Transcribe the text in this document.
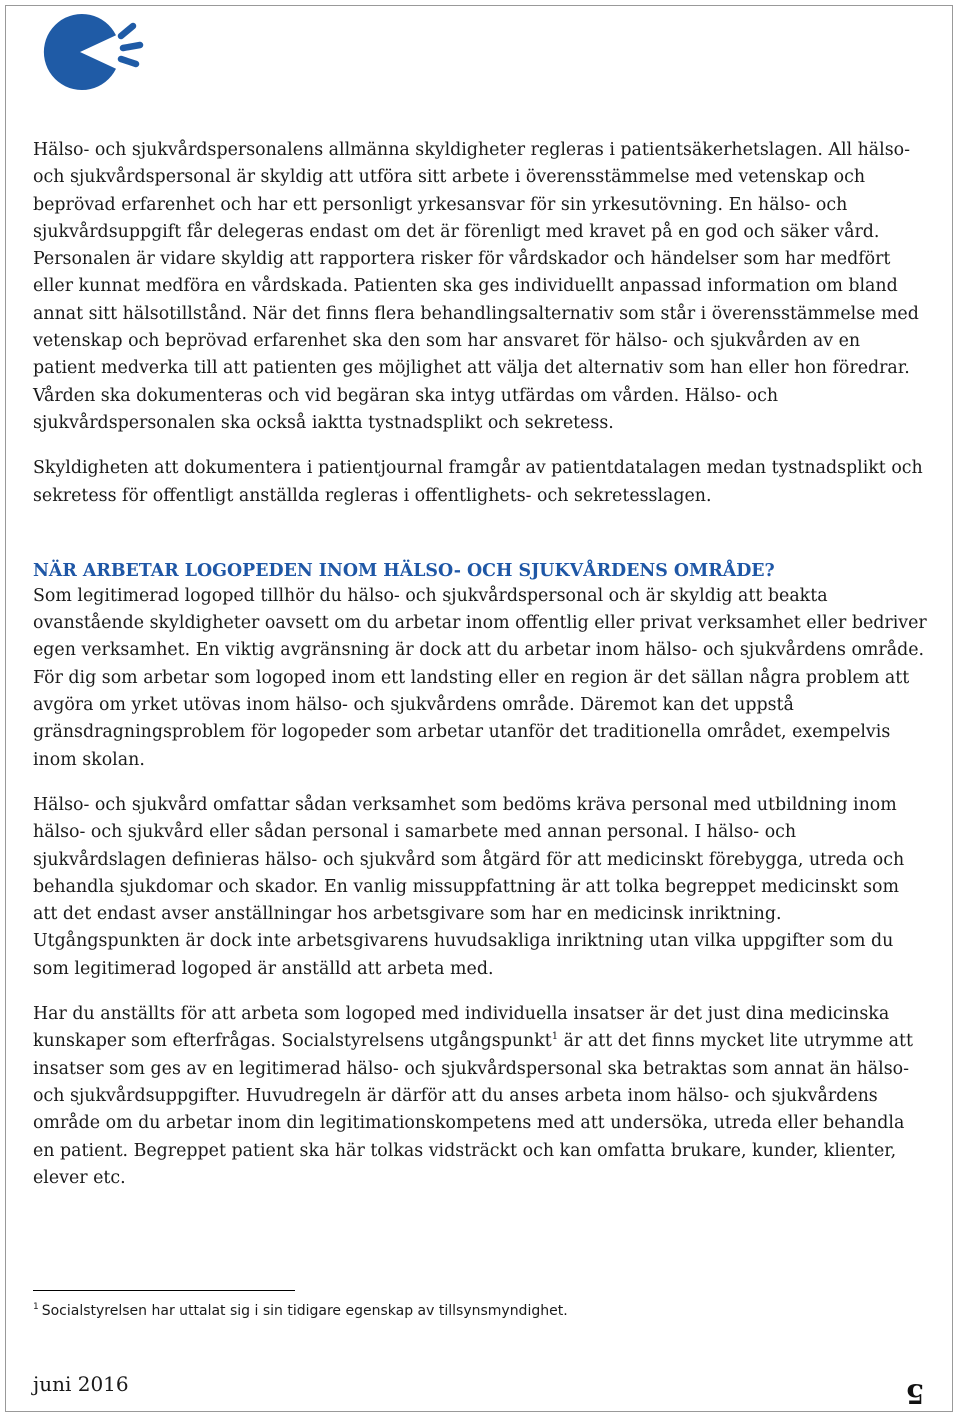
Hälso- och sjukvårdspersonalens allmänna skyldigheter regleras i patientsäkerhetslagen. All hälso- och sjukvårdspersonal är skyldig att utföra sitt arbete i överensstämmelse med vetenskap och beprövad erfarenhet och har ett personligt yrkesansvar för sin yrkesutövning. En hälso- och sjukvårdsuppgift får delegeras endast om det är förenligt med kravet på en god och säker vård. Personalen är vidare skyldig att rapportera risker för vårdskador och händelser som har medfört eller kunnat medföra en vårdskada. Patienten ska ges individuellt anpassad information om bland annat sitt hälsotillstånd. När det finns flera behandlingsalternativ som står i överensstämmelse med vetenskap och beprövad erfarenhet ska den som har ansvaret för hälso- och sjukvården av en patient medverka till att patienten ges möjlighet att välja det alternativ som han eller hon föredrar. Vården ska dokumenteras och vid begäran ska intyg utfärdas om vården. Hälso- och sjukvårdspersonalen ska också iaktta tystnadsplikt och sekretess.

Skyldigheten att dokumentera i patientjournal framgår av patientdatalagen medan tystnadsplikt och sekretess för offentligt anställda regleras i offentlighets- och sekretesslagen.

NÄR ARBETAR LOGOPEDEN INOM HÄLSO- OCH SJUKVÅRDENS OMRÅDE?

Som legitimerad logoped tillhör du hälso- och sjukvårdspersonal och är skyldig att beakta ovanstående skyldigheter oavsett om du arbetar inom offentlig eller privat verksamhet eller bedriver egen verksamhet. En viktig avgränsning är dock att du arbetar inom hälso- och sjukvårdens område. För dig som arbetar som logoped inom ett landsting eller en region är det sällan några problem att avgöra om yrket utövas inom hälso- och sjukvårdens område. Däremot kan det uppstå gränsdragningsproblem för logopeder som arbetar utanför det traditionella området, exempelvis inom skolan.

Hälso- och sjukvård omfattar sådan verksamhet som bedöms kräva personal med utbildning inom hälso- och sjukvård eller sådan personal i samarbete med annan personal. I hälso- och sjukvårdslagen definieras hälso- och sjukvård som åtgärd för att medicinskt förebygga, utreda och behandla sjukdomar och skador. En vanlig missuppfattning är att tolka begreppet medicinskt som att det endast avser anställningar hos arbetsgivare som har en medicinsk inriktning. Utgångspunkten är dock inte arbetsgivarens huvudsakliga inriktning utan vilka uppgifter som du som legitimerad logoped är anställd att arbeta med.

Har du anställts för att arbeta som logoped med individuella insatser är det just dina medicinska kunskaper som efterfrågas. Socialstyrelsens utgångspunkt$^1$ är att det finns mycket lite utrymme att insatser som ges av en legitimerad hälso- och sjukvårdspersonal ska betraktas som annat än hälso- och sjukvårdsuppgifter. Huvudregeln är därför att du anses arbeta inom hälso- och sjukvårdens område om du arbetar inom din legitimationskompetens med att undersöka, utreda eller behandla en patient. Begreppet patient ska här tolkas vidsträckt och kan omfatta brukare, kunder, klienter, elever etc.

$^1$ Socialstyrelsen har uttalat sig i sin tidigare egenskap av tillsynsmyndighet.
juni 2016	5
